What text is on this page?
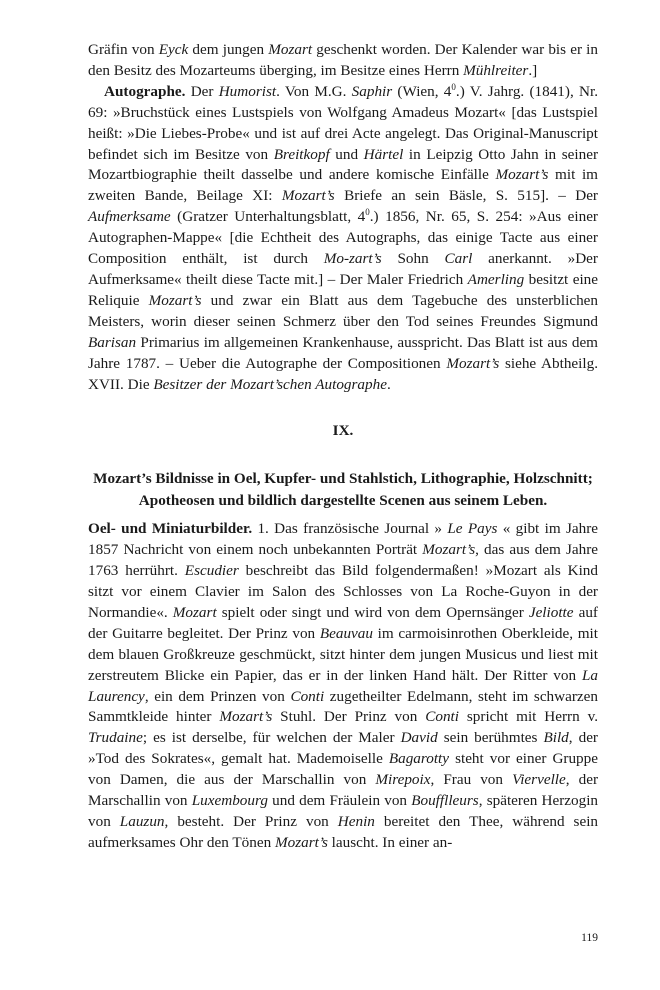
Gräfin von Eyck dem jungen Mozart geschenkt worden. Der Kalender war bis er in den Besitz des Mozarteums überging, im Besitze eines Herrn Mühlreiter.]

Autographe. Der Humorist. Von M.G. Saphir (Wien, $4^0$.) V. Jahrg. (1841), Nr. 69: »Bruchstück eines Lustspiels von Wolfgang Amadeus Mozart« [das Lustspiel heißt: »Die Liebes-Probe« und ist auf drei Acte angelegt. Das Original-Manuscript befindet sich im Besitze von Breitkopf und Härtel in Leipzig Otto Jahn in seiner Mozartbiographie theilt dasselbe und andere komische Einfälle Mozart’s mit im zweiten Bande, Beilage XI: Mozart’s Briefe an sein Bäsle, S. 515]. – Der Aufmerksame (Gratzer Unterhaltungsblatt, $4^0$.) 1856, Nr. 65, S. 254: »Aus einer Autographen-Mappe« [die Echtheit des Autographs, das einige Tacte aus einer Composition enthält, ist durch Mo-zart’s Sohn Carl anerkannt. »Der Aufmerksame« theilt diese Tacte mit.] – Der Maler Friedrich Amerling besitzt eine Reliquie Mozart’s und zwar ein Blatt aus dem Tagebuche des unsterblichen Meisters, worin dieser seinen Schmerz über den Tod seines Freundes Sigmund Barisan Primarius im allgemeinen Krankenhause, ausspricht. Das Blatt ist aus dem Jahre 1787. – Ueber die Autographe der Compositionen Mozart’s siehe Abtheilg. XVII. Die Besitzer der Mozart’schen Autographe.

IX.
Mozart’s Bildnisse in Oel, Kupfer- und Stahlstich, Lithographie, Holzschnitt; Apotheosen und bildlich dargestellte Scenen aus seinem Leben.

Oel- und Miniaturbilder. 1. Das französische Journal » Le Pays « gibt im Jahre 1857 Nachricht von einem noch unbekannten Porträt Mozart’s, das aus dem Jahre 1763 herrührt. Escudier beschreibt das Bild folgendermaßen! »Mozart als Kind sitzt vor einem Clavier im Salon des Schlosses von La Roche-Guyon in der Normandie«. Mozart spielt oder singt und wird von dem Opernsänger Jeliotte auf der Guitarre begleitet. Der Prinz von Beauvau im carmoisinrothen Oberkleide, mit dem blauen Großkreuze geschmückt, sitzt hinter dem jungen Musicus und liest mit zerstreutem Blicke ein Papier, das er in der linken Hand hält. Der Ritter von La Laurency, ein dem Prinzen von Conti zugetheilter Edelmann, steht im schwarzen Sammtkleide hinter Mozart’s Stuhl. Der Prinz von Conti spricht mit Herrn v. Trudaine; es ist derselbe, für welchen der Maler David sein berühmtes Bild, der »Tod des Sokrates«, gemalt hat. Mademoiselle Bagarotty steht vor einer Gruppe von Damen, die aus der Marschallin von Mirepoix, Frau von Viervelle, der Marschallin von Luxembourg und dem Fräulein von Boufflleurs, späteren Herzogin von Lauzun, besteht. Der Prinz von Henin bereitet den Thee, während sein aufmerksames Ohr den Tönen Mozart’s lauscht. In einer an-

119
